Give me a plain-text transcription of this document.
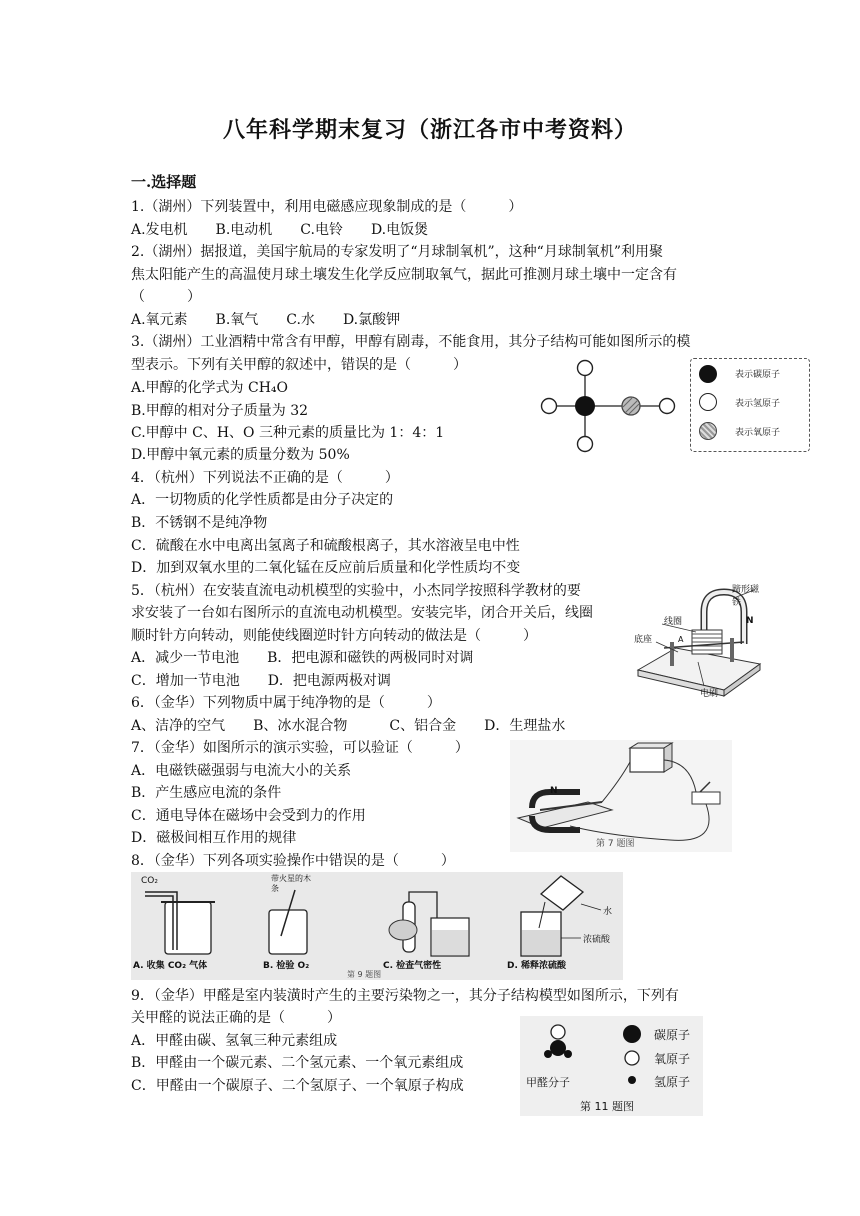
八年科学期末复习（浙江各市中考资料）
一.选择题
1.（湖州）下列装置中，利用电磁感应现象制成的是（　　　）
A.发电机　　B.电动机　　C.电铃　　D.电饭煲
2.（湖州）据报道，美国宇航局的专家发明了“月球制氧机”，这种“月球制氧机”利用聚
焦太阳能产生的高温使月球土壤发生化学反应制取氧气，据此可推测月球土壤中一定含有
（　　　）
A.氧元素　　B.氧气　　C.水　　D.氯酸钾
3.（湖州）工业酒精中常含有甲醇，甲醇有剧毒，不能食用，其分子结构可能如图所示的模
型表示。下列有关甲醇的叙述中，错误的是（　　　）
A.甲醇的化学式为 CH₄O
B.甲醇的相对分子质量为 32
C.甲醇中 C、H、O 三种元素的质量比为 1：4：1
D.甲醇中氧元素的质量分数为 50%
表示碳原子
表示氢原子
表示氧原子
4．（杭州）下列说法不正确的是（　　　）
A．一切物质的化学性质都是由分子决定的
B．不锈钢不是纯净物
C．硫酸在水中电离出氢离子和硫酸根离子，其水溶液呈电中性
D．加到双氧水里的二氧化锰在反应前后质量和化学性质均不变
5．（杭州）在安装直流电动机模型的实验中，小杰同学按照科学教材的要
求安装了一台如右图所示的直流电动机模型。安装完毕，闭合开关后，线圈
顺时针方向转动，则能使线圈逆时针方向转动的做法是（　　　）
A．减少一节电池　　B．把电源和磁铁的两极同时对调
C．增加一节电池　　D．把电源两极对调
线圈
蹄形磁铁
底座
电刷
A
N
6．（金华）下列物质中属于纯净物的是（　　　）
A、洁净的空气　　B、冰水混合物　　　C、铝合金　　D．生理盐水
7．（金华）如图所示的演示实验，可以验证（　　　）
A．电磁铁磁强弱与电流大小的关系
B．产生感应电流的条件
C．通电导体在磁场中会受到力的作用
D．磁极间相互作用的规律
N
第 7 题图
8．（金华）下列各项实验操作中错误的是（　　　）
CO₂	带火星的木条
水
浓硫酸
A. 收集 CO₂ 气体	B. 检验 O₂	C. 检查气密性	D. 稀释浓硫酸
第 9 题图
9．（金华）甲醛是室内装潢时产生的主要污染物之一，其分子结构模型如图所示，下列有
关甲醛的说法正确的是（　　　）
A．甲醛由碳、氢氧三种元素组成
B．甲醛由一个碳元素、二个氢元素、一个氧元素组成
C．甲醛由一个碳原子、二个氢原子、一个氧原子构成
碳原子
氧原子
氢原子
甲醛分子
第 11 题图
